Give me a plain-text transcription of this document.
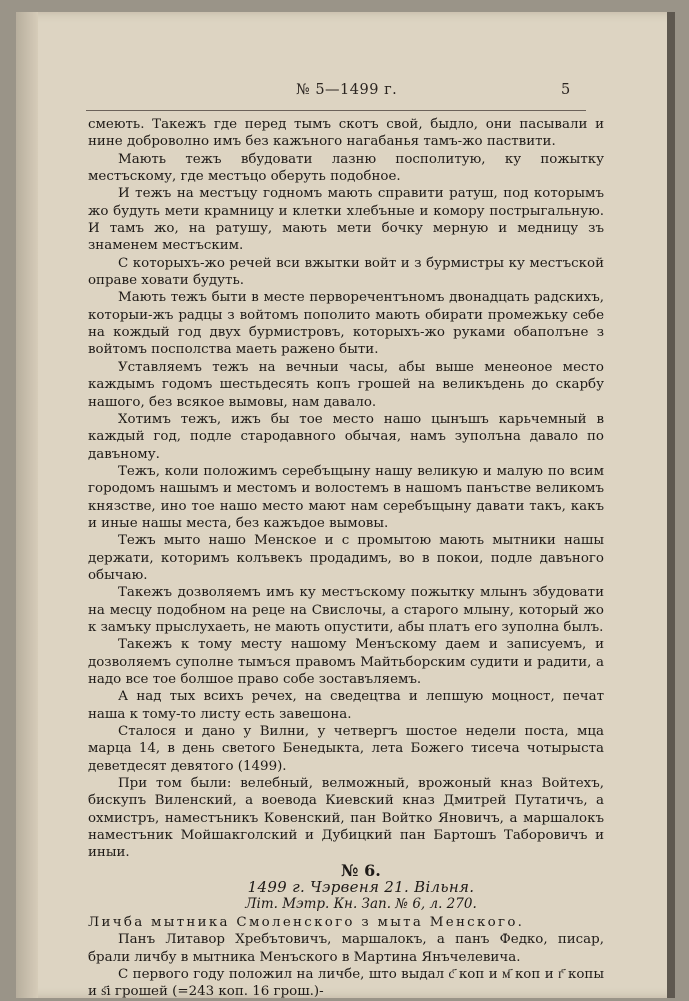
№ 5—1499 г.	5

смеють. Такежъ где перед тымъ скотъ свой, быдло, они пасывали и нине доброволно имъ без кажъного нагабанья тамъ-жо паствити.

Мають тежъ вбудовати лазню посполитую, ку пожытку местъскому, где местъцо оберуть подобное.

И тежъ на местъцу годномъ мають справити ратуш, под которымъ жо будуть мети крамницу и клетки хлебъные и комору пострыгальную. И тамъ жо, на ратушу, мають мети бочку мерную и медницу зъ знаменем местъским.

С которыхъ-жо речей вси вжытки войт и з бурмистры ку местъской оправе ховати будуть.

Мають тежъ быти в месте перворечентъномъ двонадцать радскихъ, которыи-жъ радцы з войтомъ пополито мають обирати промежьку себе на кождый год двух бурмистровъ, которыхъ-жо руками обаполъне з войтомъ посполства маеть ражено быти.

Уставляемъ тежъ на вечныи часы, абы выше менеoное место каждымъ годомъ шестьдесять копъ грошей на великъдень до скарбу нашого, без всякое вымовы, нам давало.

Хотимъ тежъ, ижъ бы тое место нашо цынъшъ карьчемный в каждый год, подле стародавного обычая, намъ зуполъна давало по давъному.

Тежъ, коли положимъ серебъщыну нашу великую и малую по всим городомъ нашымъ и местомъ и волостемъ в нашомъ панъстве великомъ князстве, ино тое нашо место мают нам серебъщыну давати такъ, какъ и иные нашы места, без кажъдое вымовы.

Тежъ мыто нашо Менское и с промытою мають мытники нашы держати, которимъ колъвекъ продадимъ, во в покои, подле давъного обычаю.

Такежъ дозволяемъ имъ ку местъскому пожытку млынъ збудовати на месцу подобном на реце на Свислочы, а старого млыну, который жо к замъку прыслухаеть, не мають опустити, абы платъ его зуполна былъ.

Такежъ к тому месту нашому Менъскому даем и записуемъ, и дозволяемъ суполне тымъся правомъ Майтьборским судити и радити, а надо все тое болшое право собе зоставъляемъ.

А над тых всихъ речех, на сведецтва и лепшую моцност, печат наша к тому-то листу есть завешона.

Сталося и дано у Вилни, у четвергъ шостое недели поста, мца марца 14, в день светого Бенедыкта, лета Божего тисеча чотырыста деветдесят девятого (1499).

При том были: велебный, велможный, врожоный кназ Войтехъ, бискупъ Виленский, а воевода Киевский кназ Дмитрей Путатичъ, а охмистръ, наместъникъ Ковенский, пан Войтко Яновичъ, а маршалокъ наместъник Мойшакголский и Дубицкий пан Бартошъ Таборовичъ и иныи.

№ 6.

1499 г. Чэрвеня 21. Вільня.

Літ. Мэтр. Кн. Зап. № 6, л. 270.

Личба мытника Смоленского з мыта Менского.

Панъ Литавор Хребътовичъ, маршалокъ, а панъ Федко, писар, брали личбу в мытника Менъского в Мартина Янъчелевича.

С первого году положил на личбе, што выдал с҃ коп и м҃ коп и г҃ копы и ѕ҃і грошей (=243 коп. 16 грош.)-
